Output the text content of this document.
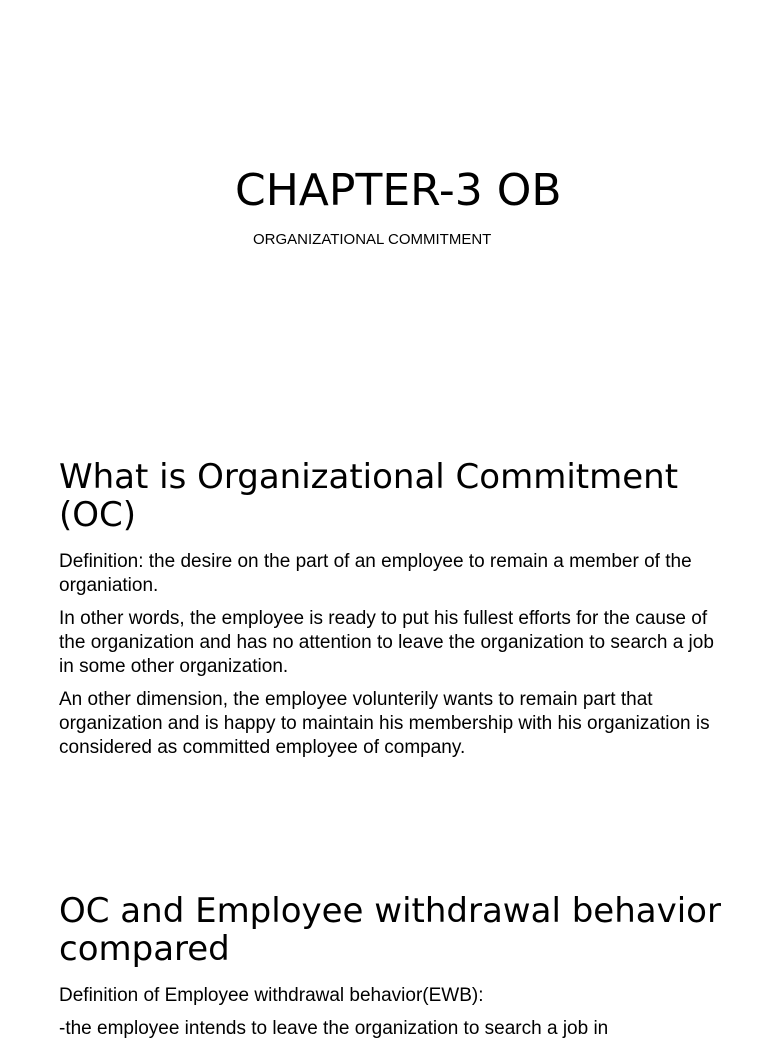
CHAPTER-3 OB
ORGANIZATIONAL COMMITMENT
What is Organizational Commitment (OC)

Definition: the desire on the part of an employee to remain a member of the organiation.

In other words, the employee is ready to put his fullest efforts for the cause of the organization and has no attention to leave the organization to search a job in some other organization.

An other dimension, the employee volunterily wants to remain part that organization and is happy to maintain his membership with his organization is considered as committed employee of company.

OC and Employee withdrawal behavior compared

Definition of Employee withdrawal behavior(EWB):

-the employee intends to leave the organization to search a job in
